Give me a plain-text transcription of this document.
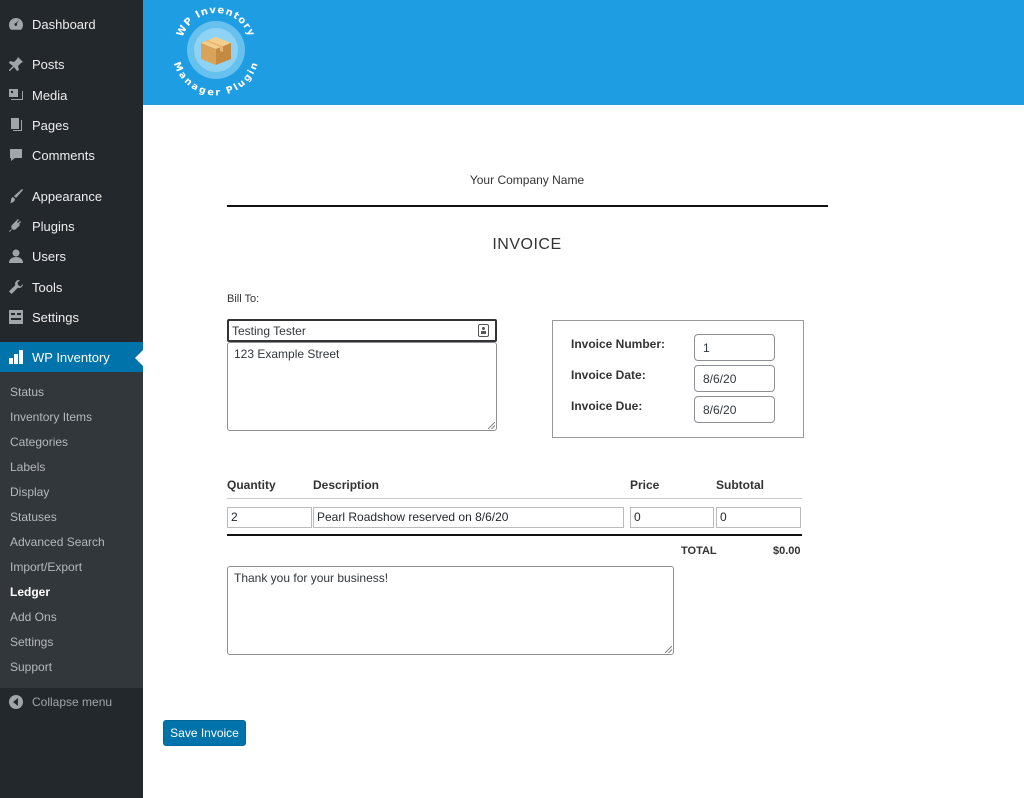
Dashboard
Posts
Media
Pages
Comments
Appearance
Plugins
Users
Tools
Settings
WP Inventory
Status
Inventory Items
Categories
Labels
Display
Statuses
Advanced Search
Import/Export
Ledger
Add Ons
Settings
Support
Collapse menu
WP Inventory
Manager Plugin
Your Company Name
INVOICE
Bill To:
Testing Tester
123 Example Street
Invoice Number:	1
Invoice Date:	8/6/20
Invoice Due:	8/6/20
Quantity	Description	Price	Subtotal
2	Pearl Roadshow reserved on 8/6/20	0	0
TOTAL	$0.00
Thank you for your business!
Save Invoice
